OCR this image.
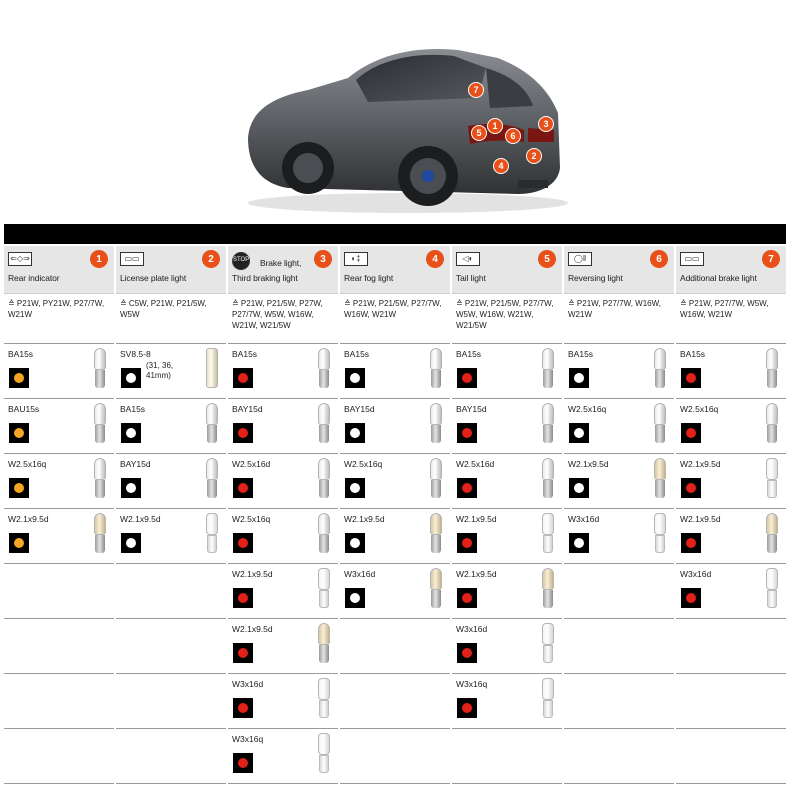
7
1
6
5
3
4
2
⇐◇⇒
Rear indicator
1
≙ P21W, PY21W, P27/7W, W21W
BA15s
BAU15s
W2.5x16q
W2.1x9.5d
▭▭
License plate light
2
≙ C5W, P21W, P21/5W, W5W
SV8.5-8
(31, 36, 41mm)
BA15s
BAY15d
W2.1x9.5d
STOP Brake light,
Third braking light
3
≙ P21W, P21/5W, P27W, P27/7W, W5W, W16W, W21W, W21/5W
BA15s
BAY15d
W2.5x16d
W2.5x16q
W2.1x9.5d
W2.1x9.5d
W3x16d
W3x16q
◐‡
Rear fog light
4
≙ P21W, P21/5W, P27/7W, W16W, W21W
BA15s
BAY15d
W2.5x16q
W2.1x9.5d
W3x16d
◁◐
Tail light
5
≙ P21W, P21/5W, P27/7W, W5W, W16W, W21W, W21/5W
BA15s
BAY15d
W2.5x16d
W2.1x9.5d
W2.1x9.5d
W3x16d
W3x16q
◯‖
Reversing light
6
≙ P21W, P27/7W, W16W, W21W
BA15s
W2.5x16q
W2.1x9.5d
W3x16d
▭▭
Additional brake light
7
≙ P21W, P27/7W, W5W, W16W, W21W
BA15s
W2.5x16q
W2.1x9.5d
W2.1x9.5d
W3x16d
